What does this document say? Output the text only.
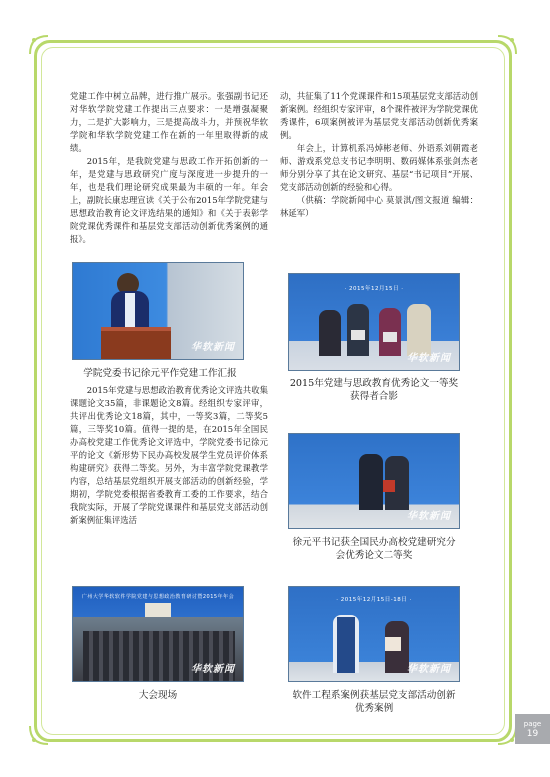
党建工作中树立品牌，进行推广展示。张强副书记还对华软学院党建工作提出三点要求：一是增强凝聚力，二是扩大影响力，三是提高战斗力，并预祝华软学院和华软学院党建工作在新的一年里取得新的成绩。

2015年，是我院党建与思政工作开拓创新的一年，是党建与思政研究广度与深度进一步提升的一年，也是我们理论研究成果最为丰硕的一年。年会上，副院长康忠理宣读《关于公布2015年学院党建与思想政治教育论文评选结果的通知》和《关于表彰学院党课优秀课件和基层党支部活动创新优秀案例的通报》。

动，共征集了11个党课课件和15项基层党支部活动创新案例。经组织专家评审，8个课件被评为学院党课优秀课件，6项案例被评为基层党支部活动创新优秀案例。

年会上，计算机系冯焯彬老师、外语系刘朝霞老师、游戏系党总支书记李明明、数码媒体系张剑杰老师分别分享了其在论文研究、基层“书记项目”开展、党支部活动创新的经验和心得。

（供稿：学院新闻中心 莫景淇/图文报道 编辑：林延军）

2015年党建与思想政治教育优秀论文评选共收集课题论文35篇，非课题论文8篇。经组织专家评审，共评出优秀论文18篇，其中，一等奖3篇，二等奖5篇，三等奖10篇。值得一提的是，在2015年全国民办高校党建工作优秀论文评选中，学院党委书记徐元平的论文《新形势下民办高校发展学生党员评价体系构建研究》获得二等奖。另外，为丰富学院党课教学内容，总结基层党组织开展支部活动的创新经验，学期初，学院党委根据省委教育工委的工作要求，结合我院实际，开展了学院党课课件和基层党支部活动创新案例征集评选活

华软新闻
学院党委书记徐元平作党建工作汇报
· 2015年12月15日 ·
华软新闻
2015年党建与思政教育优秀论文一等奖获得者合影
华软新闻
徐元平书记获全国民办高校党建研究分会优秀论文二等奖
广州大学华软软件学院党建与思想政治教育研讨暨2015年年会
华软新闻
大会现场
· 2015年12月15日-18日 ·
华软新闻
软件工程系案例获基层党支部活动创新优秀案例
page
19
